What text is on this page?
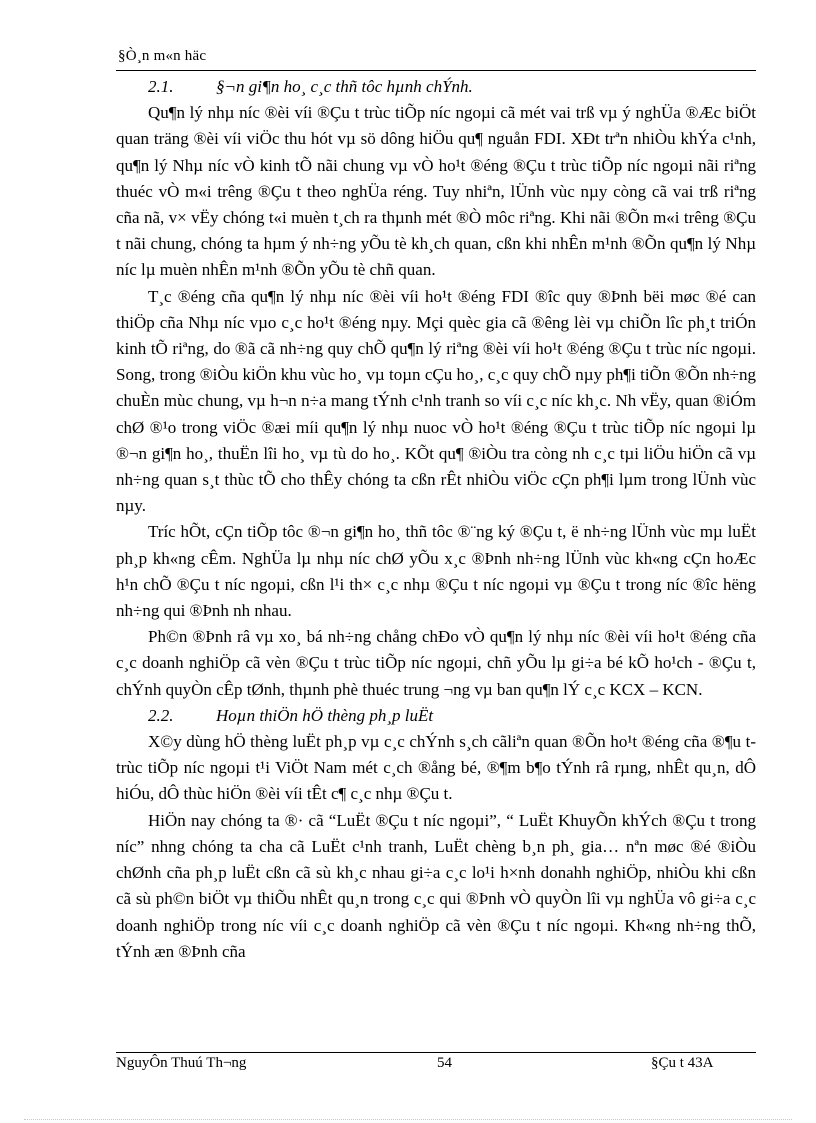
§Ò¸n m«n häc

2.1.	§¬n gi¶n ho¸ c¸c thñ tôc hµnh chÝnh.

Qu¶n lý nhµ níc ®èi víi ®Çu t trùc tiÕp níc ngoµi cã mét vai trß vµ ý nghÜa ®Æc biÖt quan träng ®èi víi viÖc thu hót vµ sö dông hiÖu qu¶ nguån FDI. XÐt trªn nhiÒu khÝa c¹nh, qu¶n lý Nhµ níc vÒ kinh tÕ nãi chung vµ vÒ ho¹t ®éng ®Çu t trùc tiÕp níc ngoµi nãi riªng thuéc vÒ m«i trêng ®Çu t theo nghÜa réng. Tuy nhiªn, lÜnh vùc nµy còng cã vai trß riªng cña nã, v× vËy chóng t«i muèn t¸ch ra thµnh mét ®Ò môc riªng. Khi nãi ®Õn m«i trêng ®Çu t nãi chung, chóng ta hµm ý nh÷ng yÕu tè kh¸ch quan, cßn khi nhÊn m¹nh ®Õn qu¶n lý Nhµ níc lµ muèn nhÊn m¹nh ®Õn yÕu tè chñ quan.

T¸c ®éng cña qu¶n lý nhµ níc ®èi víi ho¹t ®éng FDI ®îc quy ®Þnh bëi møc ®é can thiÖp cña Nhµ níc vµo c¸c ho¹t ®éng nµy. Mçi quèc gia cã ®êng lèi vµ chiÕn lîc ph¸t triÓn kinh tÕ riªng, do ®ã cã nh÷ng quy chÕ qu¶n lý riªng ®èi víi ho¹t ®éng ®Çu t trùc níc ngoµi. Song, trong ®iÒu kiÖn khu vùc ho¸ vµ toµn cÇu ho¸, c¸c quy chÕ nµy ph¶i tiÕn ®Õn nh÷ng chuÈn mùc chung, vµ h¬n n÷a mang tÝnh c¹nh tranh so víi c¸c níc kh¸c. Nh vËy, quan ®iÓm chØ ®¹o trong viÖc ®æi míi qu¶n lý nhµ nuoc vÒ ho¹t ®éng ®Çu t trùc tiÕp níc ngoµi lµ ®¬n gi¶n ho¸, thuËn lîi ho¸ vµ tù do ho¸. KÕt qu¶ ®iÒu tra còng nh c¸c tµi liÖu hiÖn cã vµ nh÷ng quan s¸t thùc tÕ cho thÊy chóng ta cßn rÊt nhiÒu viÖc cÇn ph¶i lµm trong lÜnh vùc nµy.

Tríc hÕt, cÇn tiÕp tôc ®¬n gi¶n ho¸ thñ tôc ®¨ng ký ®Çu t, ë nh÷ng lÜnh vùc mµ luËt ph¸p kh«ng cÊm. NghÜa lµ nhµ níc chØ yÕu x¸c ®Þnh nh÷ng lÜnh vùc kh«ng cÇn hoÆc h¹n chÕ ®Çu t níc ngoµi, cßn l¹i th× c¸c nhµ ®Çu t níc ngoµi vµ ®Çu t trong níc ®îc hëng nh÷ng qui ®Þnh nh nhau.

Ph©n ®Þnh râ vµ xo¸ bá nh÷ng chång chÐo vÒ qu¶n lý nhµ níc ®èi víi ho¹t ®éng cña c¸c doanh nghiÖp cã vèn ®Çu t trùc tiÕp níc ngoµi, chñ yÕu lµ gi÷a bé kÕ ho¹ch - ®Çu t, chÝnh quyÒn cÊp tØnh, thµnh phè thuéc trung ¬ng vµ ban qu¶n lÝ c¸c KCX – KCN.

2.2.	Hoµn thiÖn hÖ thèng ph¸p luËt

X©y dùng hÖ thèng luËt ph¸p vµ c¸c chÝnh s¸ch cãliªn quan ®Õn ho¹t ®éng cña ®¶u t trùc tiÕp níc ngoµi t¹i ViÖt Nam mét c¸ch ®ång bé, ®¶m b¶o tÝnh râ rµng, nhÊt qu¸n, dÔ hiÓu, dÔ thùc hiÖn ®èi víi tÊt c¶ c¸c nhµ ®Çu t.

HiÖn nay chóng ta ®· cã “LuËt ®Çu t níc ngoµi”, “ LuËt KhuyÕn khÝch ®Çu t trong níc” nhng chóng ta cha cã LuËt c¹nh tranh, LuËt chèng b¸n ph¸ gia… nªn møc ®é ®iÒu chØnh cña ph¸p luËt cßn cã sù kh¸c nhau gi÷a c¸c lo¹i h×nh donahh nghiÖp, nhiÒu khi cßn cã sù ph©n biÖt vµ thiÕu nhÊt qu¸n trong c¸c qui ®Þnh vÒ quyÒn lîi vµ nghÜa vô gi÷a c¸c doanh nghiÖp trong níc víi c¸c doanh nghiÖp cã vèn ®Çu t níc ngoµi. Kh«ng nh÷ng thÕ, tÝnh æn ®Þnh cña

NguyÔn Thuú Th¬ng	54	§Çu t 43A
